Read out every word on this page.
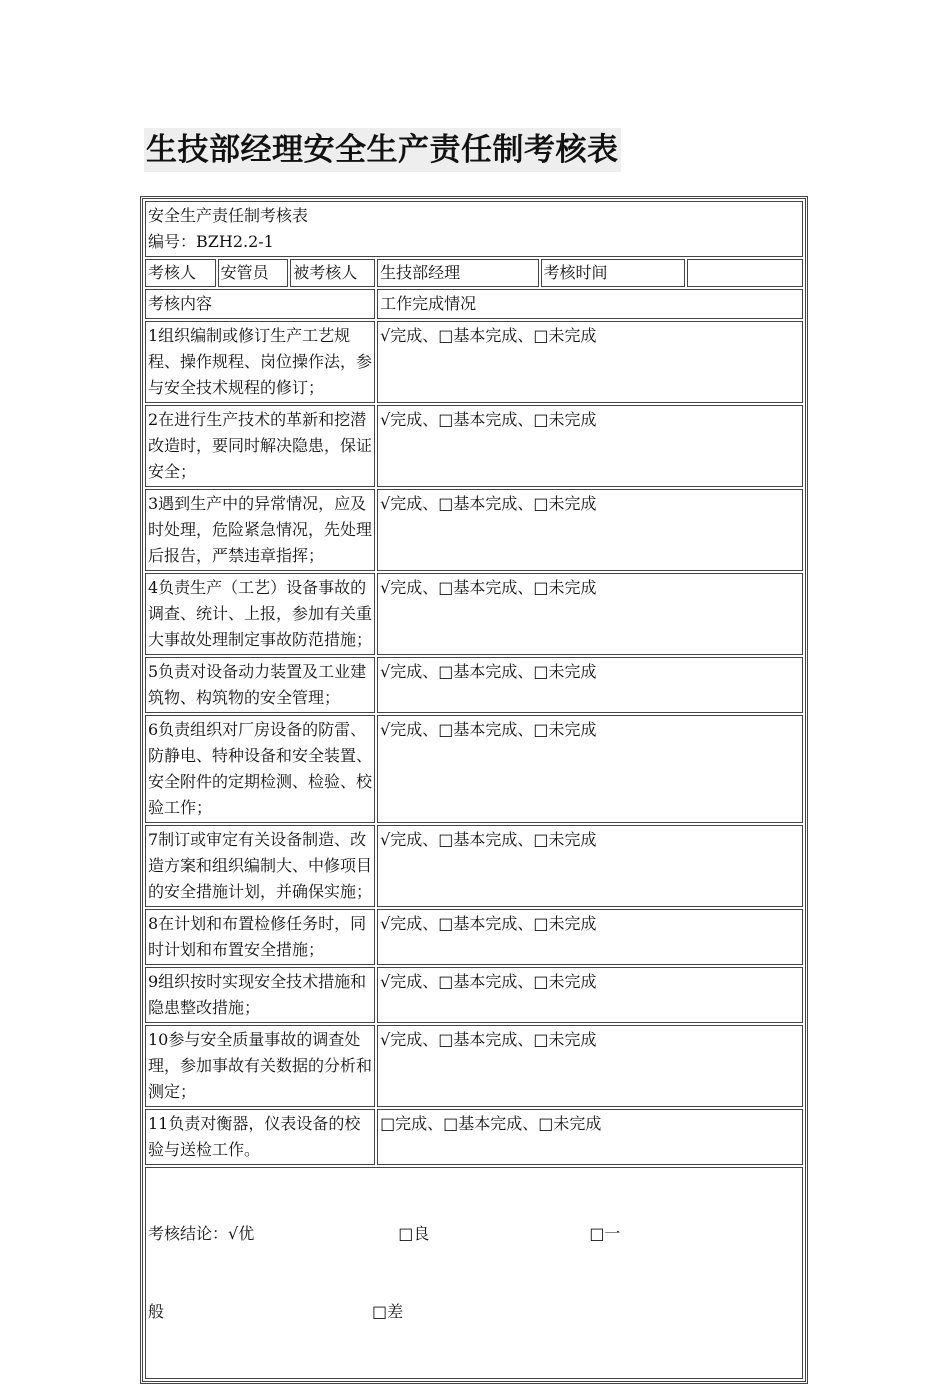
生技部经理安全生产责任制考核表
安全生产责任制考核表
编号：BZH2.2-1					

考核人	安管员	被考核人	生技部经理	考核时间	
考核内容			工作完成情况		
1组织编制或修订生产工艺规程、操作规程、岗位操作法，参与安全技术规程的修订；			√完成、□基本完成、□未完成		
2在进行生产技术的革新和挖潜改造时，要同时解决隐患，保证安全；			√完成、□基本完成、□未完成		
3遇到生产中的异常情况，应及时处理，危险紧急情况，先处理后报告，严禁违章指挥；			√完成、□基本完成、□未完成		
4负责生产（工艺）设备事故的调查、统计、上报，参加有关重大事故处理制定事故防范措施；			√完成、□基本完成、□未完成		
5负责对设备动力装置及工业建筑物、构筑物的安全管理；			√完成、□基本完成、□未完成		
6负责组织对厂房设备的防雷、防静电、特种设备和安全装置、安全附件的定期检测、检验、校验工作；			√完成、□基本完成、□未完成		
7制订或审定有关设备制造、改造方案和组织编制大、中修项目的安全措施计划，并确保实施；			√完成、□基本完成、□未完成		
8在计划和布置检修任务时，同时计划和布置安全措施；			√完成、□基本完成、□未完成		
9组织按时实现安全技术措施和隐患整改措施；			√完成、□基本完成、□未完成		
10参与安全质量事故的调查处理，参加事故有关数据的分析和测定；			√完成、□基本完成、□未完成		
11负责对衡器，仪表设备的校验与送检工作。			□完成、□基本完成、□未完成		

考核结论：√优　　　　　　　　　□良　　　　　　　　　　□一

般　　　　　　　　　　　　　□差					
